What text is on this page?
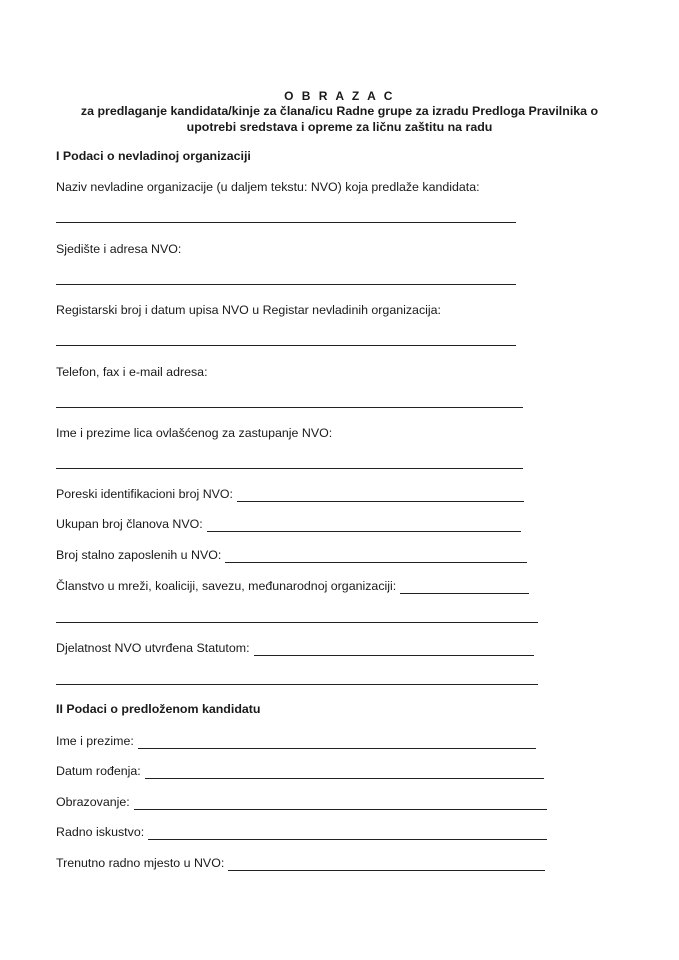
O B R A Z A C
za predlaganje kandidata/kinje za člana/icu Radne grupe za izradu Predloga Pravilnika o
upotrebi sredstava i opreme za ličnu zaštitu na radu
I Podaci o nevladinoj organizaciji
Naziv nevladine organizacije (u daljem tekstu: NVO) koja predlaže kandidata:
Sjedište i adresa NVO:
Registarski broj i datum upisa NVO u Registar nevladinih organizacija:
Telefon, fax i e-mail adresa:
Ime i prezime lica ovlašćenog za zastupanje NVO:
Poreski identifikacioni broj NVO:
Ukupan broj članova NVO:
Broj stalno zaposlenih u NVO:
Članstvo u mreži, koaliciji, savezu, međunarodnoj organizaciji:
Djelatnost NVO utvrđena Statutom:
II Podaci o predloženom kandidatu
Ime i prezime:
Datum rođenja:
Obrazovanje:
Radno iskustvo:
Trenutno radno mjesto u NVO:
